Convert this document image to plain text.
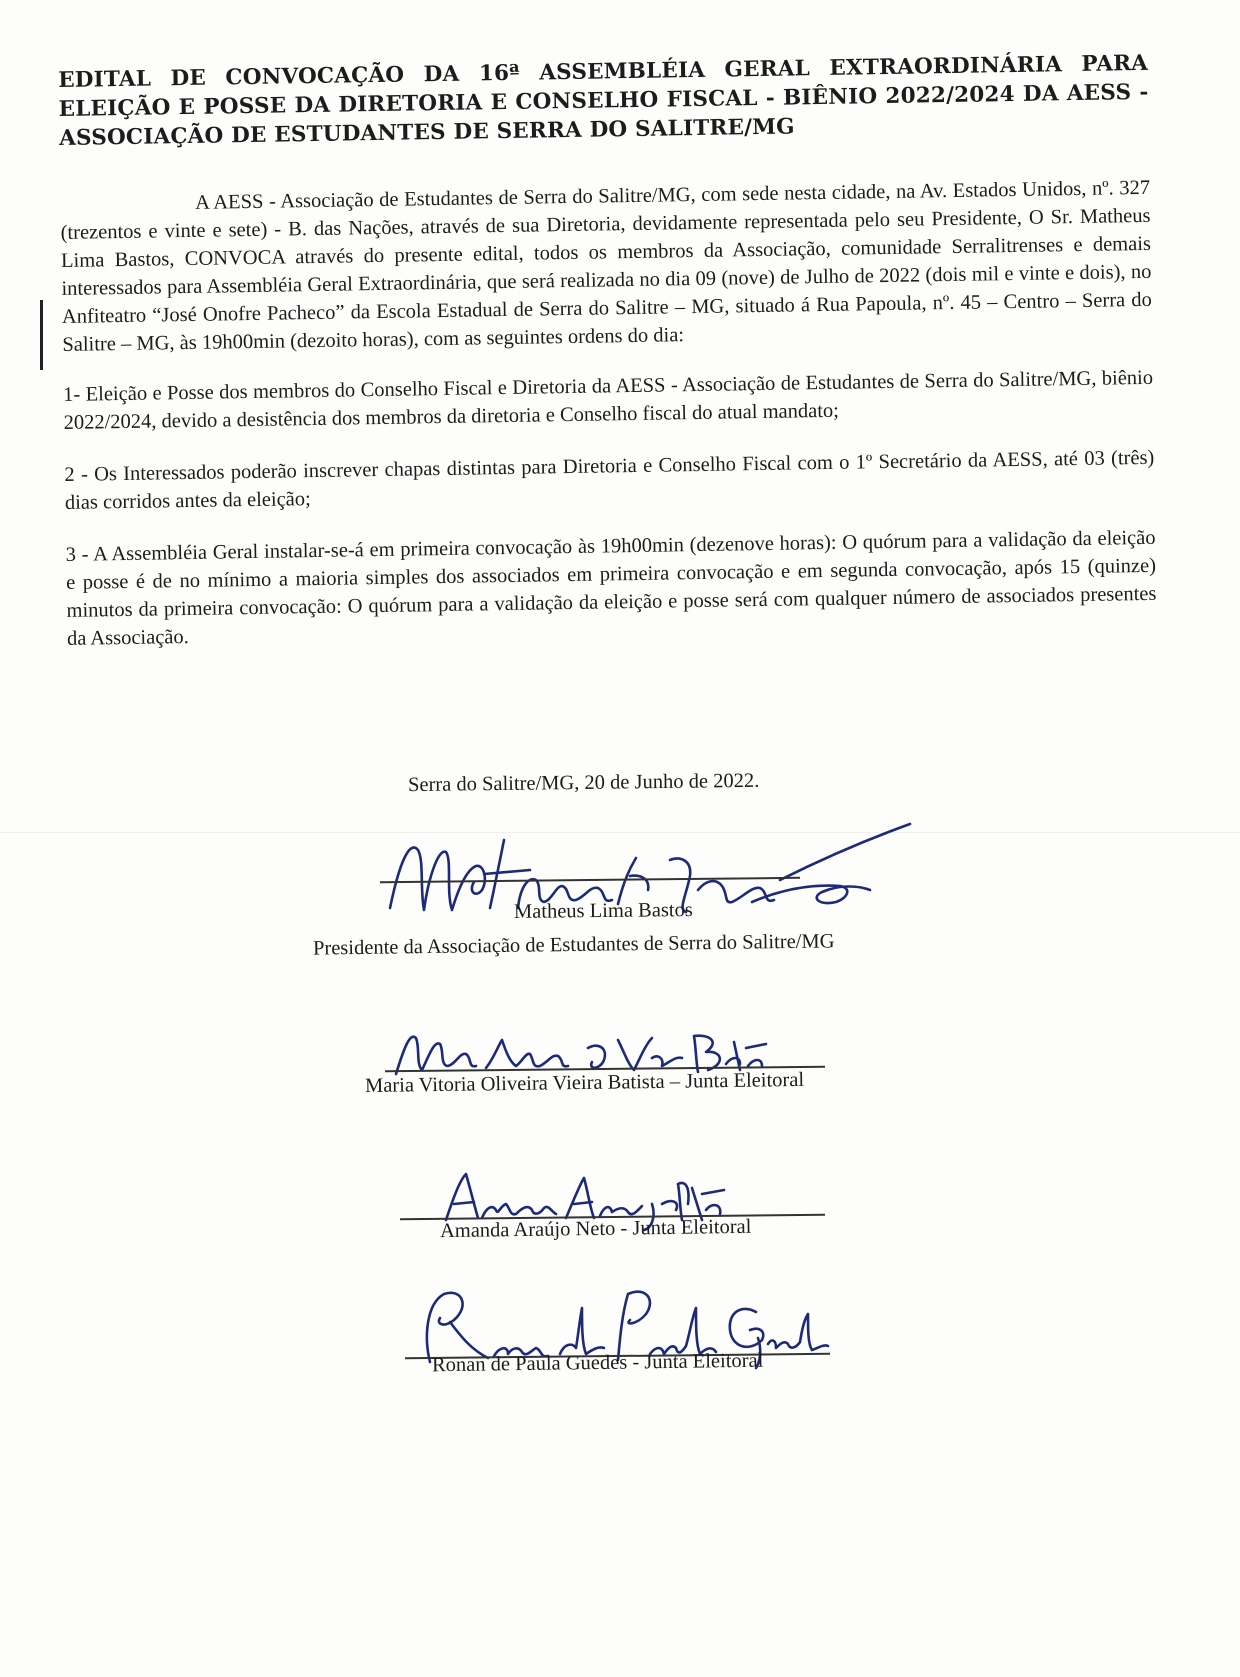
EDITAL DE CONVOCAÇÃO DA 16ª ASSEMBLÉIA GERAL EXTRAORDINÁRIA PARA ELEIÇÃO E POSSE DA DIRETORIA E CONSELHO FISCAL - BIÊNIO 2022/2024 DA AESS - ASSOCIAÇÃO DE ESTUDANTES DE SERRA DO SALITRE/MG

A AESS - Associação de Estudantes de Serra do Salitre/MG, com sede nesta cidade, na Av. Estados Unidos, nº. 327 (trezentos e vinte e sete) - B. das Nações, através de sua Diretoria, devidamente representada pelo seu Presidente, O Sr. Matheus Lima Bastos, CONVOCA através do presente edital, todos os membros da Associação, comunidade Serralitrenses e demais interessados para Assembléia Geral Extraordinária, que será realizada no dia 09 (nove) de Julho de 2022 (dois mil e vinte e dois), no Anfiteatro “José Onofre Pacheco” da Escola Estadual de Serra do Salitre – MG, situado á Rua Papoula, nº. 45 – Centro – Serra do Salitre – MG, às 19h00min (dezoito horas), com as seguintes ordens do dia:

1- Eleição e Posse dos membros do Conselho Fiscal e Diretoria da AESS - Associação de Estudantes de Serra do Salitre/MG, biênio 2022/2024, devido a desistência dos membros da diretoria e Conselho fiscal do atual mandato;

2 - Os Interessados poderão inscrever chapas distintas para Diretoria e Conselho Fiscal com o 1º Secretário da AESS, até 03 (três) dias corridos antes da eleição;

3 - A Assembléia Geral instalar-se-á em primeira convocação às 19h00min (dezenove horas): O quórum para a validação da eleição e posse é de no mínimo a maioria simples dos associados em primeira convocação e em segunda convocação, após 15 (quinze) minutos da primeira convocação: O quórum para a validação da eleição e posse será com qualquer número de associados presentes da Associação.

Serra do Salitre/MG, 20 de Junho de 2022.
Matheus Lima Bastos
Presidente da Associação de Estudantes de Serra do Salitre/MG
Maria Vitoria Oliveira Vieira Batista – Junta Eleitoral
Amanda Araújo Neto - Junta Eleitoral
Ronan de Paula Guedes - Junta Eleitoral
